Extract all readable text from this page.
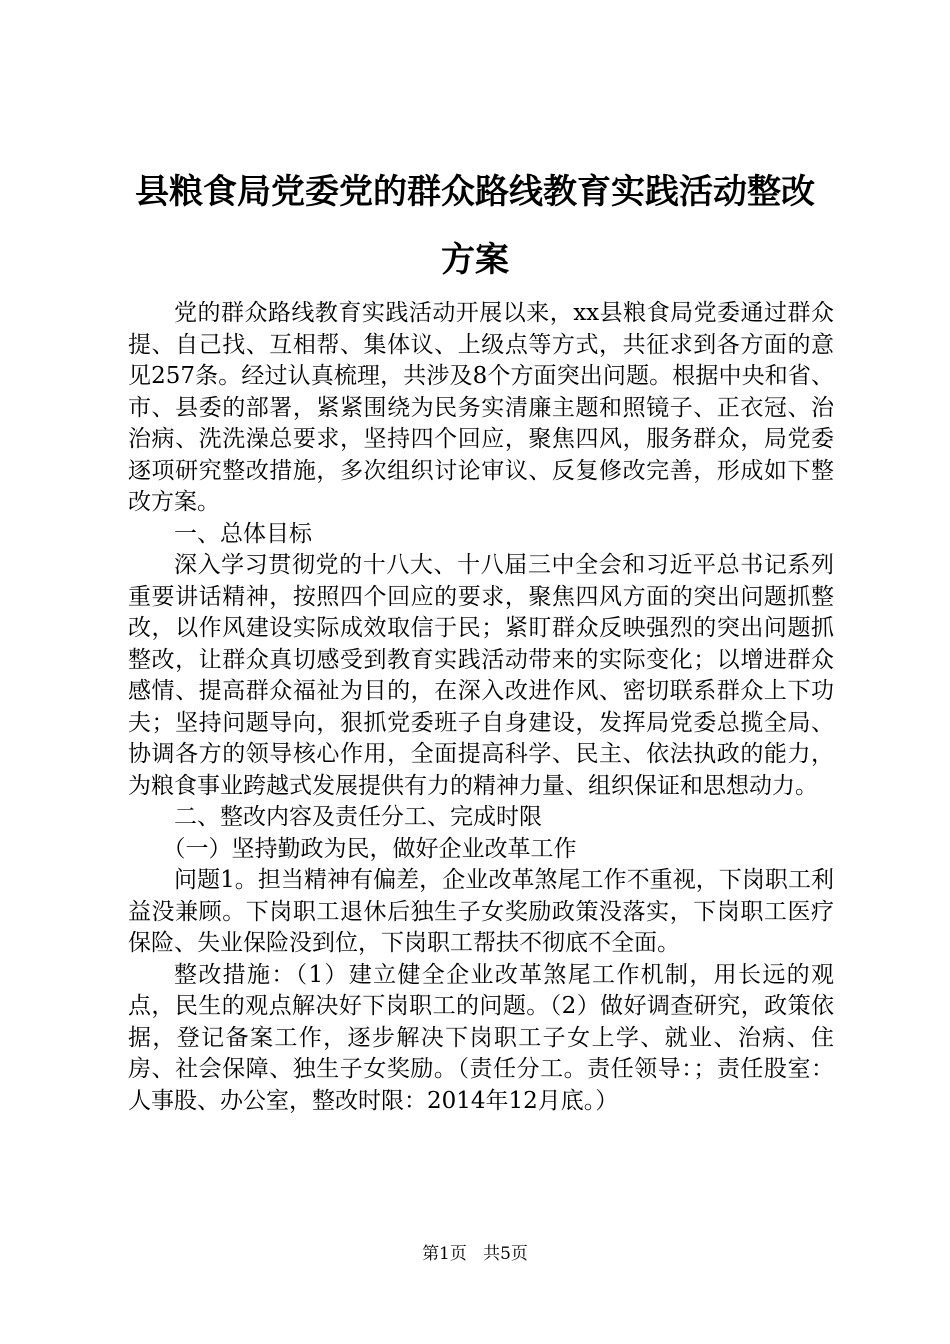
县粮食局党委党的群众路线教育实践活动整改方案

党的群众路线教育实践活动开展以来，xx县粮食局党委通过群众提、自己找、互相帮、集体议、上级点等方式，共征求到各方面的意见257条。经过认真梳理，共涉及8个方面突出问题。根据中央和省、市、县委的部署，紧紧围绕为民务实清廉主题和照镜子、正衣冠、治治病、洗洗澡总要求，坚持四个回应，聚焦四风，服务群众，局党委逐项研究整改措施，多次组织讨论审议、反复修改完善，形成如下整改方案。

一、总体目标

深入学习贯彻党的十八大、十八届三中全会和习近平总书记系列重要讲话精神，按照四个回应的要求，聚焦四风方面的突出问题抓整改，以作风建设实际成效取信于民；紧盯群众反映强烈的突出问题抓整改，让群众真切感受到教育实践活动带来的实际变化；以增进群众感情、提高群众福祉为目的，在深入改进作风、密切联系群众上下功夫；坚持问题导向，狠抓党委班子自身建设，发挥局党委总揽全局、协调各方的领导核心作用，全面提高科学、民主、依法执政的能力，为粮食事业跨越式发展提供有力的精神力量、组织保证和思想动力。

二、整改内容及责任分工、完成时限

（一）坚持勤政为民，做好企业改革工作

问题1。担当精神有偏差，企业改革煞尾工作不重视，下岗职工利益没兼顾。下岗职工退休后独生子女奖励政策没落实，下岗职工医疗保险、失业保险没到位，下岗职工帮扶不彻底不全面。

整改措施：（1）建立健全企业改革煞尾工作机制，用长远的观点，民生的观点解决好下岗职工的问题。（2）做好调查研究，政策依据，登记备案工作，逐步解决下岗职工子女上学、就业、治病、住房、社会保障、独生子女奖励。（责任分工。责任领导：；责任股室：人事股、办公室，整改时限：2014年12月底。）

第1页 共5页
